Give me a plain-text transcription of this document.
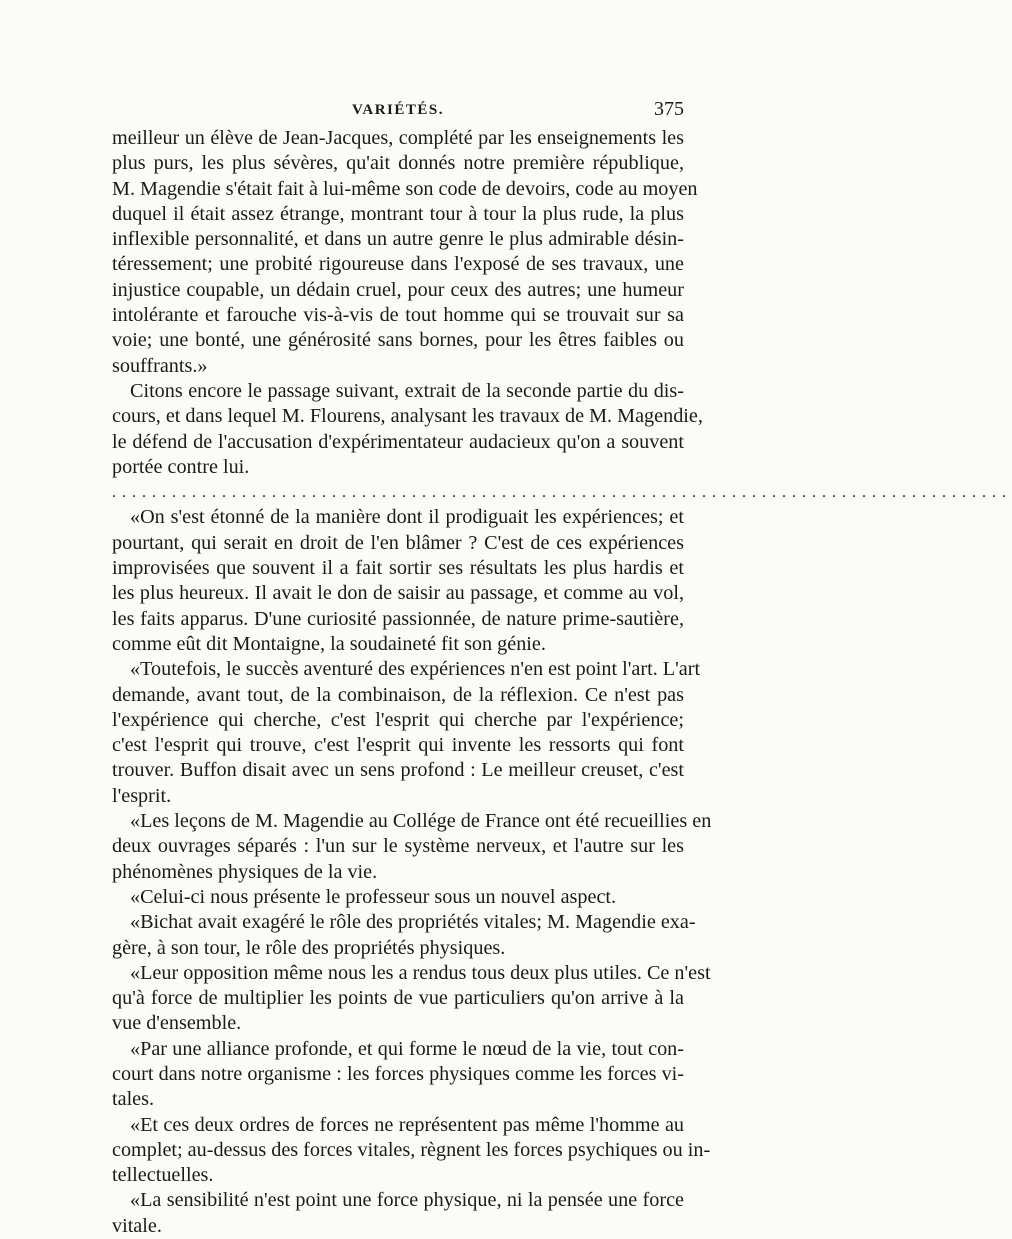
VARIÉTÉS.	375
meilleur un élève de Jean-Jacques, complété par les enseignements les
plus purs, les plus sévères, qu'ait donnés notre première république,
M. Magendie s'était fait à lui-même son code de devoirs, code au moyen
duquel il était assez étrange, montrant tour à tour la plus rude, la plus
inflexible personnalité, et dans un autre genre le plus admirable désin-
téressement; une probité rigoureuse dans l'exposé de ses travaux, une
injustice coupable, un dédain cruel, pour ceux des autres; une humeur
intolérante et farouche vis-à-vis de tout homme qui se trouvait sur sa
voie; une bonté, une générosité sans bornes, pour les êtres faibles ou
souffrants.»
Citons encore le passage suivant, extrait de la seconde partie du dis-
cours, et dans lequel M. Flourens, analysant les travaux de M. Magendie,
le défend de l'accusation d'expérimentateur audacieux qu'on a souvent
portée contre lui.
..........................................................................................
«On s'est étonné de la manière dont il prodiguait les expériences; et
pourtant, qui serait en droit de l'en blâmer ? C'est de ces expériences
improvisées que souvent il a fait sortir ses résultats les plus hardis et
les plus heureux. Il avait le don de saisir au passage, et comme au vol,
les faits apparus. D'une curiosité passionnée, de nature prime-sautière,
comme eût dit Montaigne, la soudaineté fit son génie.
«Toutefois, le succès aventuré des expériences n'en est point l'art. L'art
demande, avant tout, de la combinaison, de la réflexion. Ce n'est pas
l'expérience qui cherche, c'est l'esprit qui cherche par l'expérience;
c'est l'esprit qui trouve, c'est l'esprit qui invente les ressorts qui font
trouver. Buffon disait avec un sens profond : Le meilleur creuset, c'est
l'esprit.
«Les leçons de M. Magendie au Collége de France ont été recueillies en
deux ouvrages séparés : l'un sur le système nerveux, et l'autre sur les
phénomènes physiques de la vie.
«Celui-ci nous présente le professeur sous un nouvel aspect.
«Bichat avait exagéré le rôle des propriétés vitales; M. Magendie exa-
gère, à son tour, le rôle des propriétés physiques.
«Leur opposition même nous les a rendus tous deux plus utiles. Ce n'est
qu'à force de multiplier les points de vue particuliers qu'on arrive à la
vue d'ensemble.
«Par une alliance profonde, et qui forme le nœud de la vie, tout con-
court dans notre organisme : les forces physiques comme les forces vi-
tales.
«Et ces deux ordres de forces ne représentent pas même l'homme au
complet; au-dessus des forces vitales, règnent les forces psychiques ou in-
tellectuelles.
«La sensibilité n'est point une force physique, ni la pensée une force
vitale.
